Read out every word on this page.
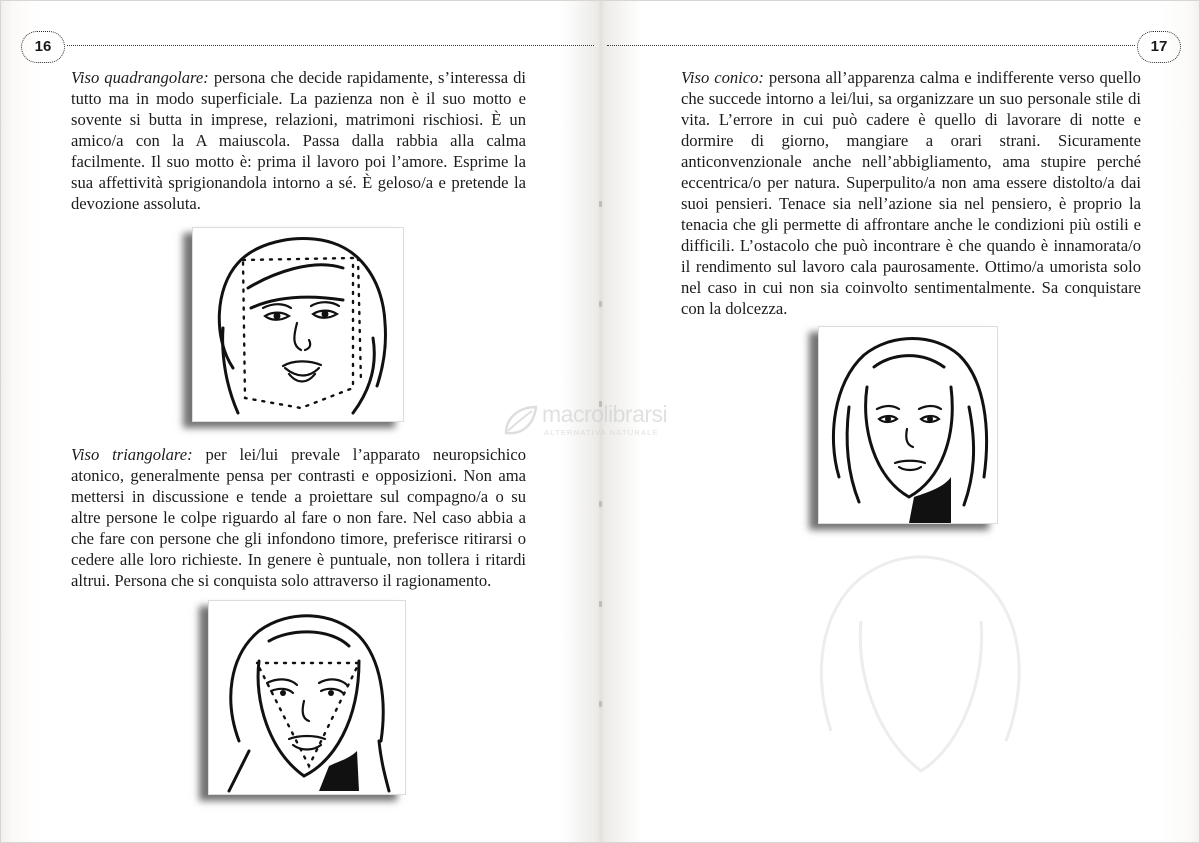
16	17

Viso quadrangolare: persona che decide rapidamente, s’interessa di tutto ma in modo superficiale. La pazienza non è il suo motto e sovente si butta in imprese, relazioni, matrimoni rischiosi. È un amico/a con la A maiuscola. Passa dalla rabbia alla calma facilmente. Il suo motto è: prima il lavoro poi l’amore. Esprime la sua affettività sprigionandola intorno a sé. È geloso/a e pretende la devozione assoluta.

Viso triangolare: per lei/lui prevale l’apparato neuropsichico atonico, generalmente pensa per contrasti e opposizioni. Non ama mettersi in discussione e tende a proiettare sul compagno/a o su altre persone le colpe riguardo al fare o non fare. Nel caso abbia a che fare con persone che gli infondono timore, preferisce ritirarsi o cedere alle loro richieste. In genere è puntuale, non tollera i ritardi altrui. Persona che si conquista solo attraverso il ragionamento.

Viso conico: persona all’apparenza calma e indifferente verso quello che succede intorno a lei/lui, sa organizzare un suo personale stile di vita. L’errore in cui può cadere è quello di lavorare di notte e dormire di giorno, mangiare a orari strani. Sicuramente anticonvenzionale anche nell’abbigliamento, ama stupire perché eccentrica/o per natura. Superpulito/a non ama essere distolto/a dai suoi pensieri. Tenace sia nell’azione sia nel pensiero, è proprio la tenacia che gli permette di affrontare anche le condizioni più ostili e difficili. L’ostacolo che può incontrare è che quando è innamorata/o il rendimento sul lavoro cala paurosamente. Ottimo/a umorista solo nel caso in cui non sia coinvolto sentimentalmente. Sa conquistare con la dolcezza.

macrolibrarsi
ALTERNATIVA NATURALE
